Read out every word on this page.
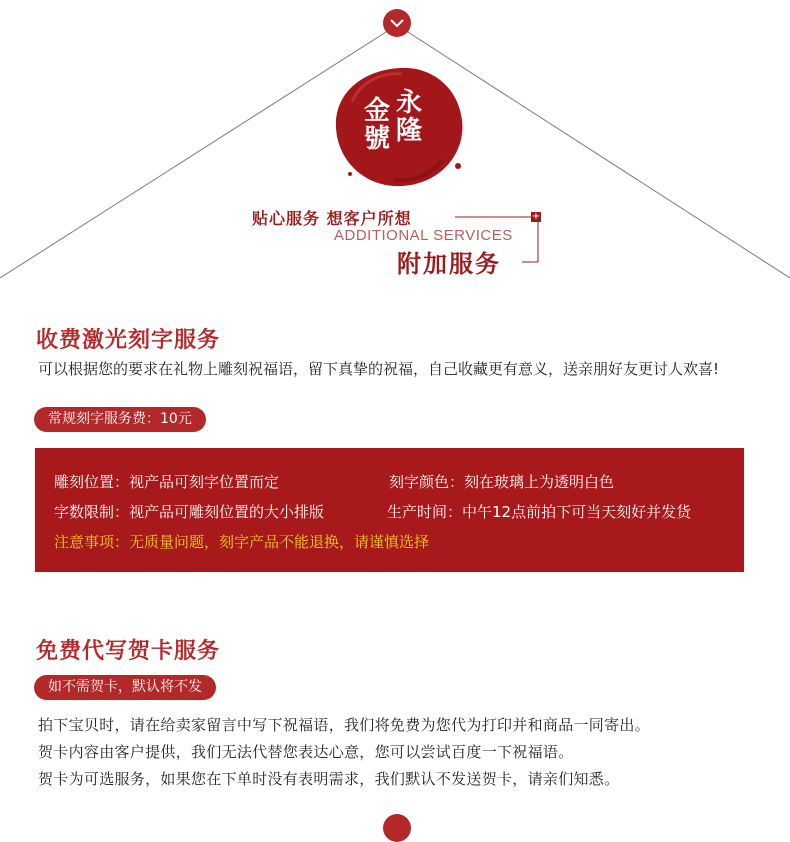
金 永
號 隆
贴心服务 想客户所想
ADDITIONAL SERVICES
附加服务
+
收费激光刻字服务
可以根据您的要求在礼物上雕刻祝福语，留下真挚的祝福，自己收藏更有意义，送亲朋好友更讨人欢喜!
常规刻字服务费：10元
雕刻位置：视产品可刻字位置而定	刻字颜色：刻在玻璃上为透明白色
字数限制：视产品可雕刻位置的大小排版	生产时间：中午12点前拍下可当天刻好并发货
注意事项：无质量问题，刻字产品不能退换，请谨慎选择
免费代写贺卡服务
如不需贺卡，默认将不发
拍下宝贝时，请在给卖家留言中写下祝福语，我们将免费为您代为打印并和商品一同寄出。
贺卡内容由客户提供，我们无法代替您表达心意，您可以尝试百度一下祝福语。
贺卡为可选服务，如果您在下单时没有表明需求，我们默认不发送贺卡，请亲们知悉。
